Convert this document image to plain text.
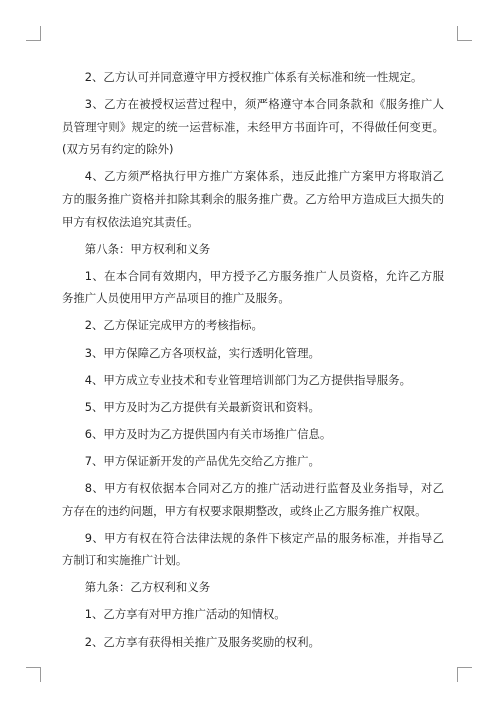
2、乙方认可并同意遵守甲方授权推广体系有关标准和统一性规定。

3、乙方在被授权运营过程中，须严格遵守本合同条款和《服务推广人员管理守则》规定的统一运营标准，未经甲方书面许可，不得做任何变更。(双方另有约定的除外)

4、乙方须严格执行甲方推广方案体系，违反此推广方案甲方将取消乙方的服务推广资格并扣除其剩余的服务推广费。乙方给甲方造成巨大损失的甲方有权依法追究其责任。

第八条：甲方权利和义务

1、在本合同有效期内，甲方授予乙方服务推广人员资格，允许乙方服务推广人员使用甲方产品项目的推广及服务。

2、乙方保证完成甲方的考核指标。

3、甲方保障乙方各项权益，实行透明化管理。

4、甲方成立专业技术和专业管理培训部门为乙方提供指导服务。

5、甲方及时为乙方提供有关最新资讯和资料。

6、甲方及时为乙方提供国内有关市场推广信息。

7、甲方保证新开发的产品优先交给乙方推广。

8、甲方有权依据本合同对乙方的推广活动进行监督及业务指导，对乙方存在的违约问题，甲方有权要求限期整改，或终止乙方服务推广权限。

9、甲方有权在符合法律法规的条件下核定产品的服务标准，并指导乙方制订和实施推广计划。

第九条：乙方权利和义务

1、乙方享有对甲方推广活动的知情权。

2、乙方享有获得相关推广及服务奖励的权利。
